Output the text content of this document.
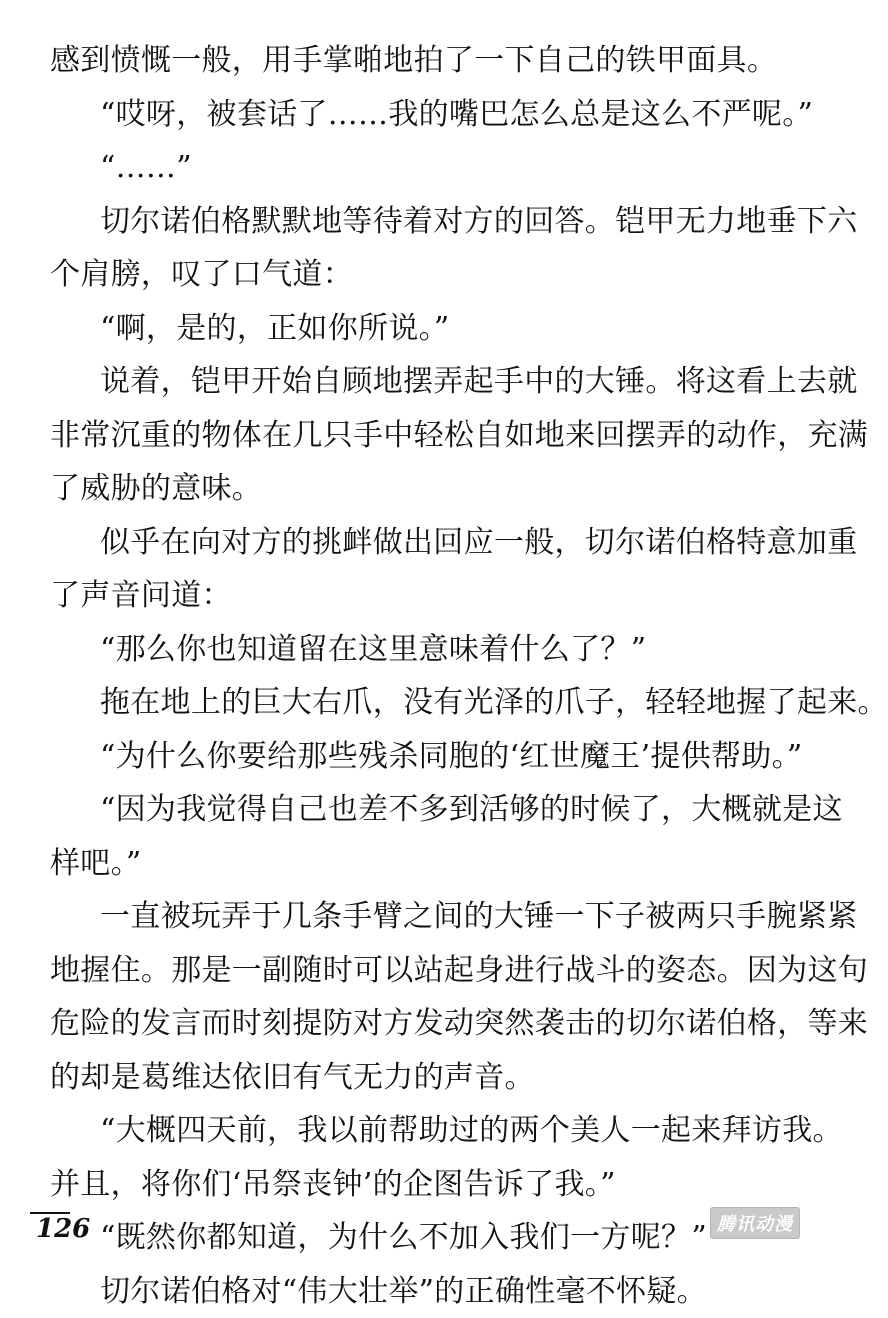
感到愤慨一般，用手掌啪地拍了一下自己的铁甲面具。
“哎呀，被套话了……我的嘴巴怎么总是这么不严呢。”
“……”
切尔诺伯格默默地等待着对方的回答。铠甲无力地垂下六
个肩膀，叹了口气道：
“啊，是的，正如你所说。”
说着，铠甲开始自顾地摆弄起手中的大锤。将这看上去就
非常沉重的物体在几只手中轻松自如地来回摆弄的动作，充满
了威胁的意味。
似乎在向对方的挑衅做出回应一般，切尔诺伯格特意加重
了声音问道：
“那么你也知道留在这里意味着什么了？”
拖在地上的巨大右爪，没有光泽的爪子，轻轻地握了起来。
“为什么你要给那些残杀同胞的‘红世魔王’提供帮助。”
“因为我觉得自己也差不多到活够的时候了，大概就是这
样吧。”
一直被玩弄于几条手臂之间的大锤一下子被两只手腕紧紧
地握住。那是一副随时可以站起身进行战斗的姿态。因为这句
危险的发言而时刻提防对方发动突然袭击的切尔诺伯格，等来
的却是葛维达依旧有气无力的声音。
“大概四天前，我以前帮助过的两个美人一起来拜访我。
并且，将你们‘吊祭丧钟’的企图告诉了我。”
“既然你都知道，为什么不加入我们一方呢？”
切尔诺伯格对“伟大壮举”的正确性毫不怀疑。
126	腾讯动漫
